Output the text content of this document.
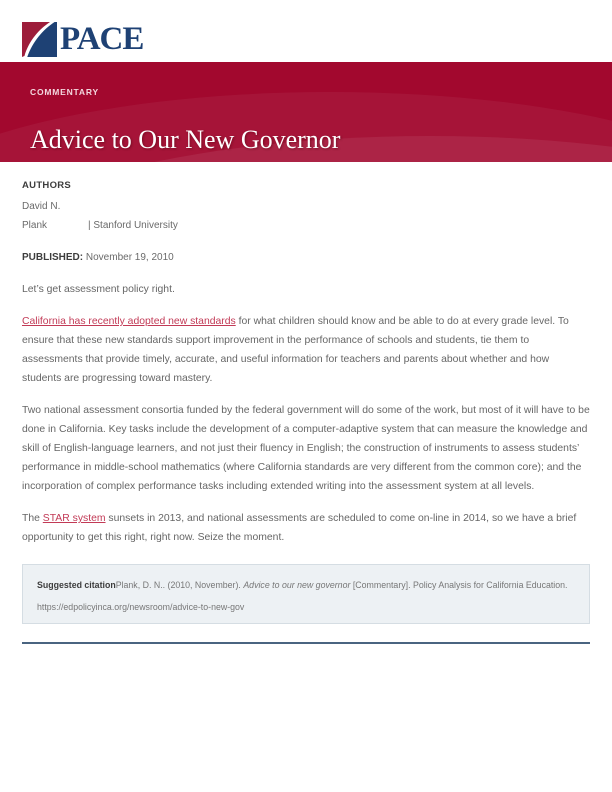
PACE
COMMENTARY
Advice to Our New Governor
AUTHORS
David N. Plank	| Stanford University
PUBLISHED: November 19, 2010

Let’s get assessment policy right.

California has recently adopted new standards for what children should know and be able to do at every grade level. To ensure that these new standards support improvement in the performance of schools and students, tie them to assessments that provide timely, accurate, and useful information for teachers and parents about whether and how students are progressing toward mastery.

Two national assessment consortia funded by the federal government will do some of the work, but most of it will have to be done in California. Key tasks include the development of a computer-adaptive system that can measure the knowledge and skill of English-language learners, and not just their fluency in English; the construction of instruments to assess students’ performance in middle-school mathematics (where California standards are very different from the common core); and the incorporation of complex performance tasks including extended writing into the assessment system at all levels.

The STAR system sunsets in 2013, and national assessments are scheduled to come on-line in 2014, so we have a brief opportunity to get this right, right now. Seize the moment.

Suggested citationPlank, D. N.. (2010, November). Advice to our new governor [Commentary]. Policy Analysis for California Education.
https://edpolicyinca.org/newsroom/advice-to-new-gov
